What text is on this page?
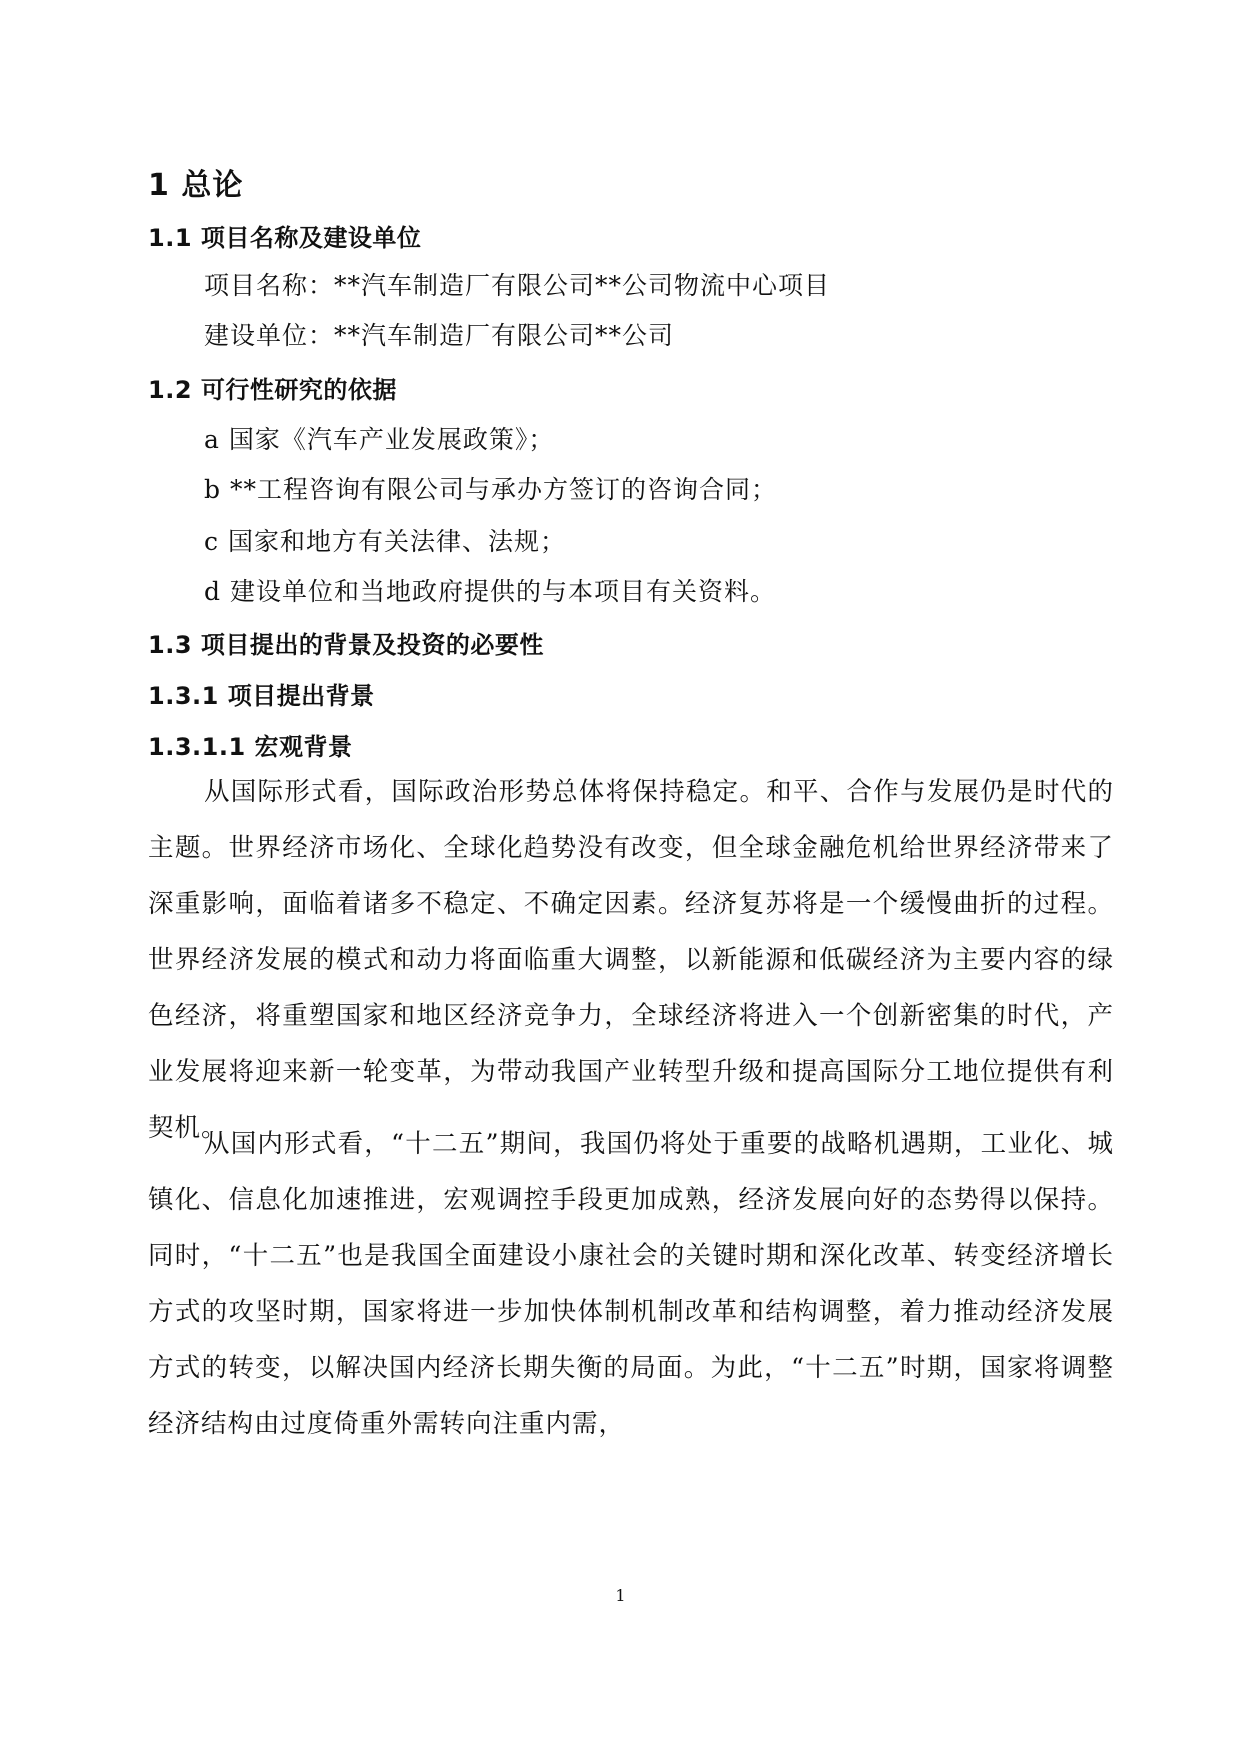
1 总论
1.1 项目名称及建设单位
项目名称：**汽车制造厂有限公司**公司物流中心项目
建设单位：**汽车制造厂有限公司**公司
1.2 可行性研究的依据
a 国家《汽车产业发展政策》；
b **工程咨询有限公司与承办方签订的咨询合同；
c 国家和地方有关法律、法规；
d 建设单位和当地政府提供的与本项目有关资料。
1.3 项目提出的背景及投资的必要性
1.3.1 项目提出背景
1.3.1.1 宏观背景

从国际形式看，国际政治形势总体将保持稳定。和平、合作与发展仍是时代的主题。世界经济市场化、全球化趋势没有改变，但全球金融危机给世界经济带来了深重影响，面临着诸多不稳定、不确定因素。经济复苏将是一个缓慢曲折的过程。世界经济发展的模式和动力将面临重大调整，以新能源和低碳经济为主要内容的绿色经济，将重塑国家和地区经济竞争力，全球经济将进入一个创新密集的时代，产业发展将迎来新一轮变革，为带动我国产业转型升级和提高国际分工地位提供有利契机。

从国内形式看，“十二五”期间，我国仍将处于重要的战略机遇期，工业化、城镇化、信息化加速推进，宏观调控手段更加成熟，经济发展向好的态势得以保持。同时，“十二五”也是我国全面建设小康社会的关键时期和深化改革、转变经济增长方式的攻坚时期，国家将进一步加快体制机制改革和结构调整，着力推动经济发展方式的转变，以解决国内经济长期失衡的局面。为此，“十二五”时期，国家将调整经济结构由过度倚重外需转向注重内需，

1
